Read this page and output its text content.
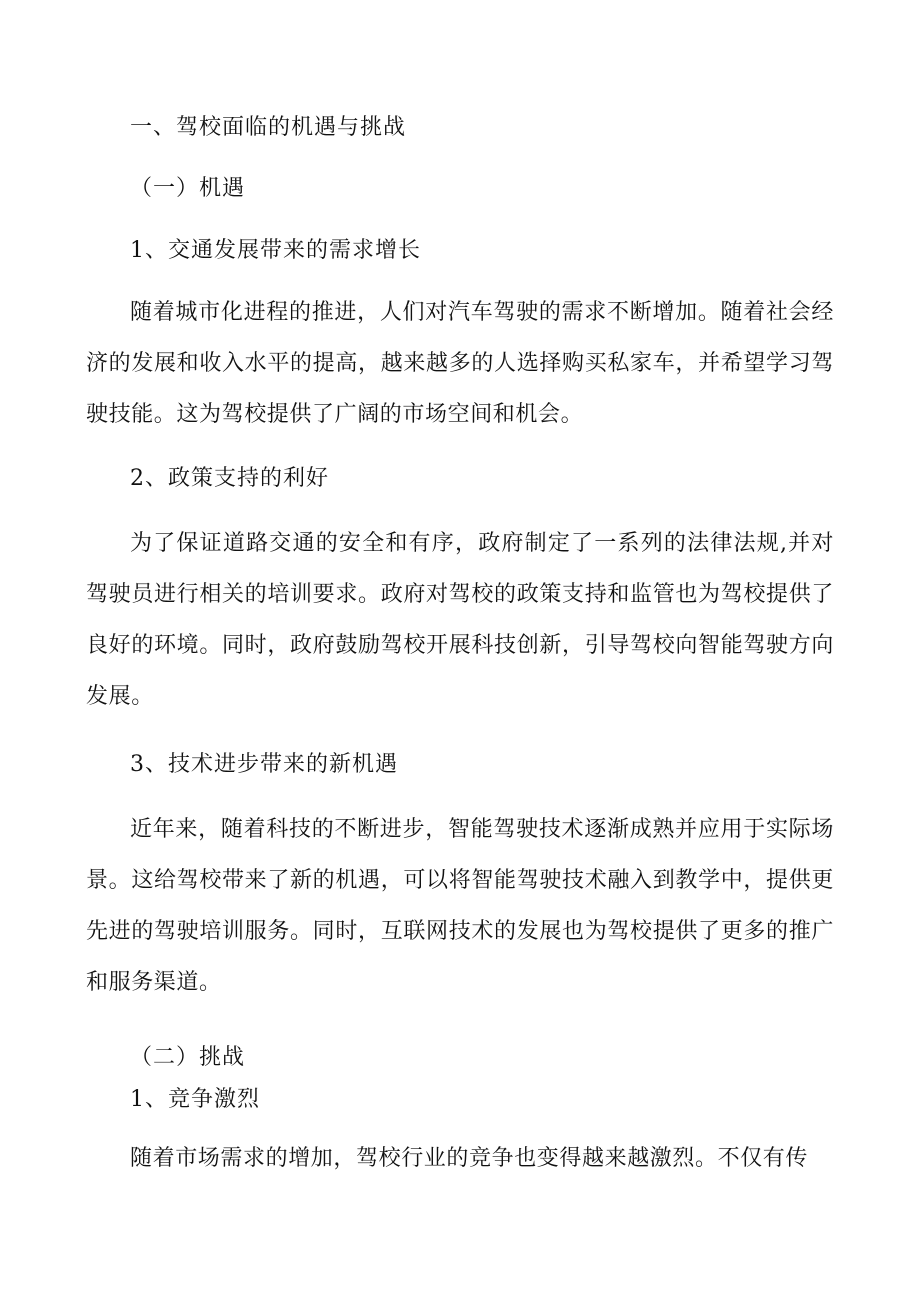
一、驾校面临的机遇与挑战
（一）机遇
1、交通发展带来的需求增长
随着城市化进程的推进，人们对汽车驾驶的需求不断增加。随着社会经济的发展和收入水平的提高，越来越多的人选择购买私家车，并希望学习驾驶技能。这为驾校提供了广阔的市场空间和机会。
2、政策支持的利好
为了保证道路交通的安全和有序，政府制定了一系列的法律法规,并对驾驶员进行相关的培训要求。政府对驾校的政策支持和监管也为驾校提供了良好的环境。同时，政府鼓励驾校开展科技创新，引导驾校向智能驾驶方向发展。
3、技术进步带来的新机遇
近年来，随着科技的不断进步，智能驾驶技术逐渐成熟并应用于实际场景。这给驾校带来了新的机遇，可以将智能驾驶技术融入到教学中，提供更先进的驾驶培训服务。同时，互联网技术的发展也为驾校提供了更多的推广和服务渠道。
（二）挑战
1、竞争激烈
随着市场需求的增加，驾校行业的竞争也变得越来越激烈。不仅有传
